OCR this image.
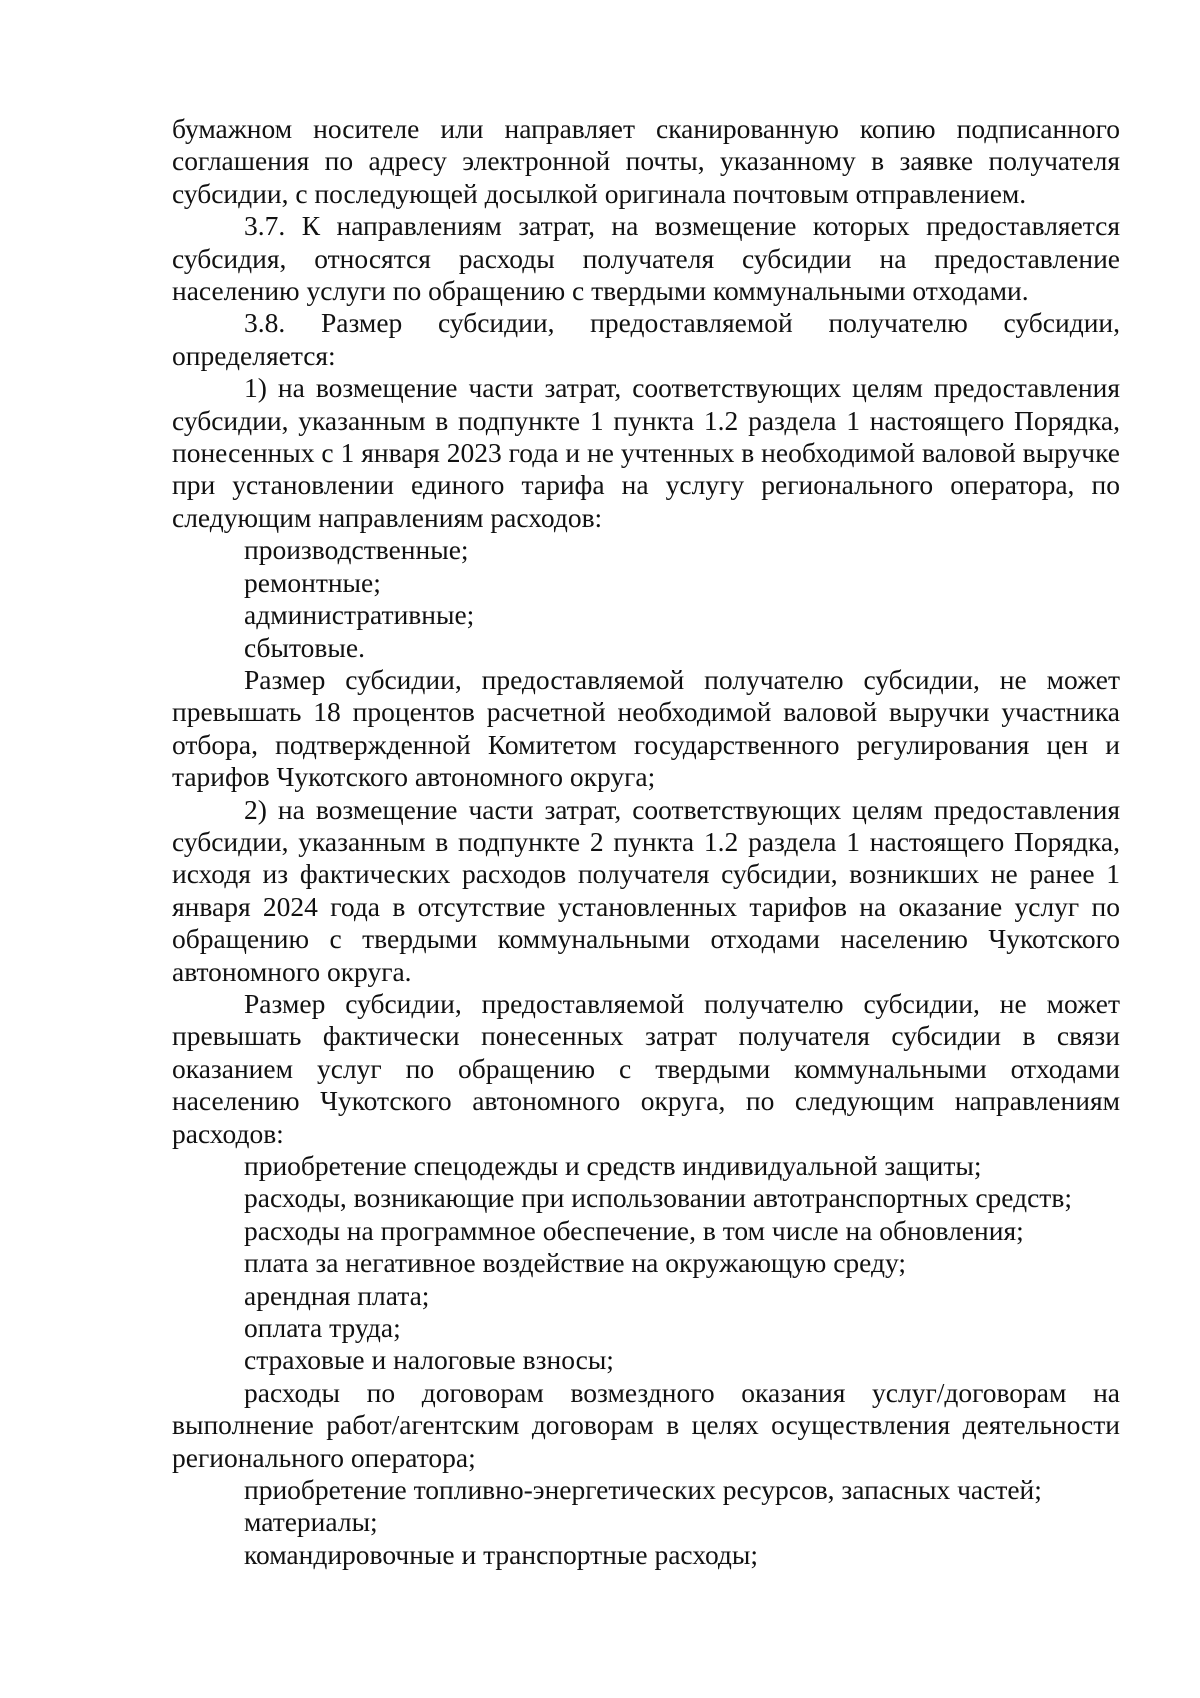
бумажном носителе или направляет сканированную копию подписанного соглашения по адресу электронной почты, указанному в заявке получателя субсидии, с последующей досылкой оригинала почтовым отправлением.

3.7. К направлениям затрат, на возмещение которых предоставляется субсидия, относятся расходы получателя субсидии на предоставление населению услуги по обращению с твердыми коммунальными отходами.

3.8. Размер субсидии, предоставляемой получателю субсидии, определяется:

1) на возмещение части затрат, соответствующих целям предоставления субсидии, указанным в подпункте 1 пункта 1.2 раздела 1 настоящего Порядка, понесенных с 1 января 2023 года и не учтенных в необходимой валовой выручке при установлении единого тарифа на услугу регионального оператора, по следующим направлениям расходов:

производственные;

ремонтные;

административные;

сбытовые.

Размер субсидии, предоставляемой получателю субсидии, не может превышать 18 процентов расчетной необходимой валовой выручки участника отбора, подтвержденной Комитетом государственного регулирования цен и тарифов Чукотского автономного округа;

2) на возмещение части затрат, соответствующих целям предоставления субсидии, указанным в подпункте 2 пункта 1.2 раздела 1 настоящего Порядка, исходя из фактических расходов получателя субсидии, возникших не ранее 1 января 2024 года в отсутствие установленных тарифов на оказание услуг по обращению с твердыми коммунальными отходами населению Чукотского автономного округа.

Размер субсидии, предоставляемой получателю субсидии, не может превышать фактически понесенных затрат получателя субсидии в связи оказанием услуг по обращению с твердыми коммунальными отходами населению Чукотского автономного округа, по следующим направлениям расходов:

приобретение спецодежды и средств индивидуальной защиты;

расходы, возникающие при использовании автотранспортных средств;

расходы на программное обеспечение, в том числе на обновления;

плата за негативное воздействие на окружающую среду;

арендная плата;

оплата труда;

страховые и налоговые взносы;

расходы по договорам возмездного оказания услуг/договорам на выполнение работ/агентским договорам в целях осуществления деятельности регионального оператора;

приобретение топливно-энергетических ресурсов, запасных частей;

материалы;

командировочные и транспортные расходы;
